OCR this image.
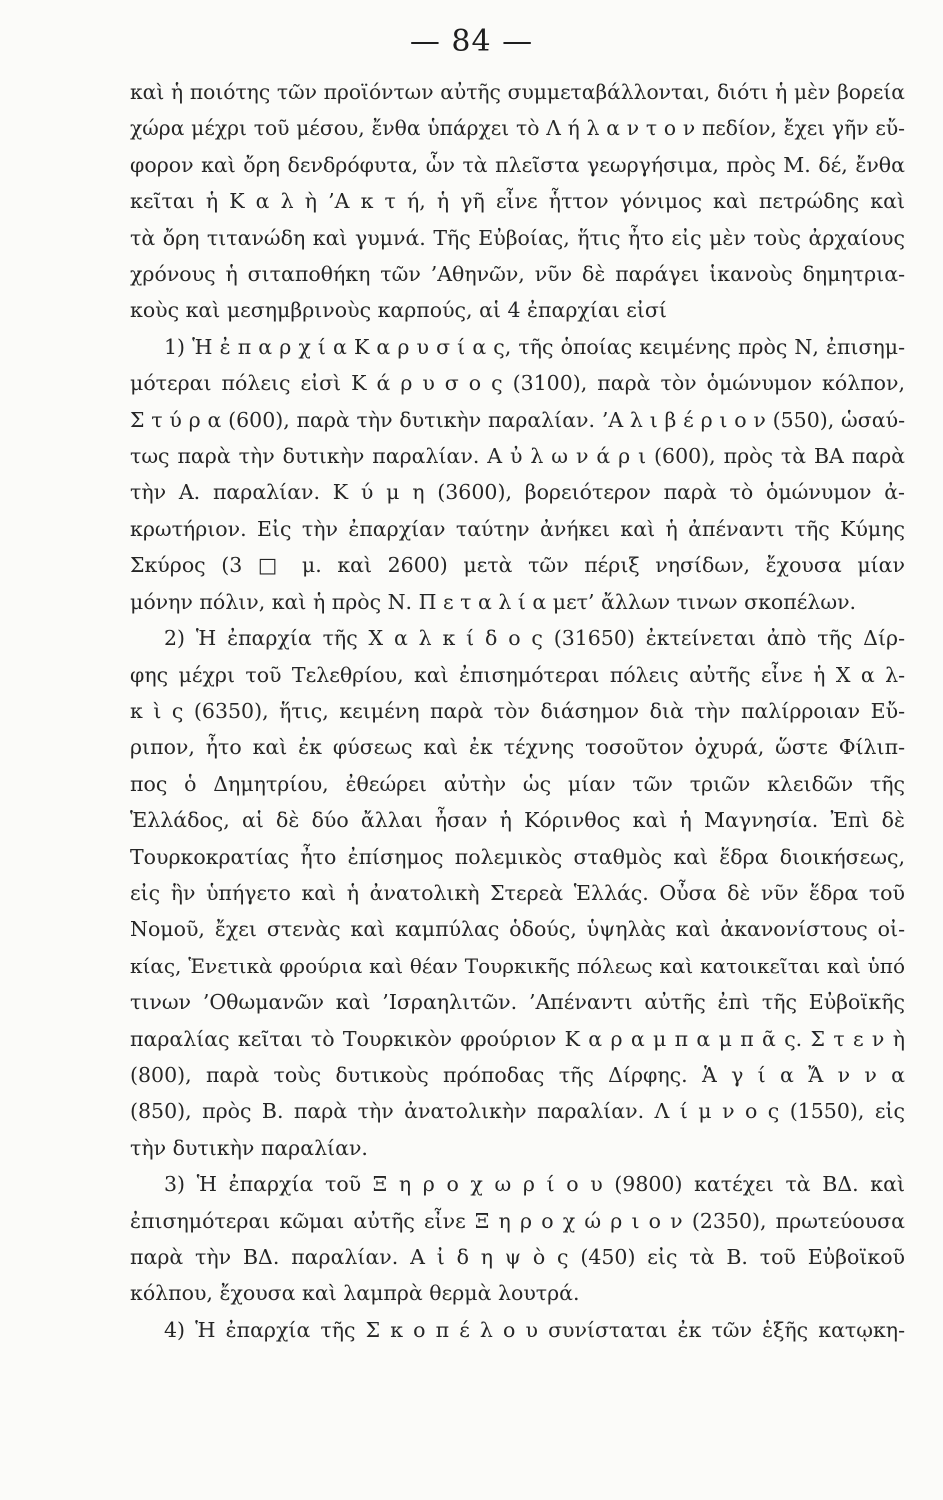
— 84 —
καὶ ἡ ποιότης τῶν προϊόντων αὐτῆς συμμεταβάλλονται, διότι ἡ μὲν βορεία
χώρα μέχρι τοῦ μέσου, ἔνθα ὑπάρχει τὸ Λ ή λ α ν τ ο ν πεδίον, ἔχει γῆν εὔ-
φορον καὶ ὄρη δενδρόφυτα, ὧν τὰ πλεῖστα γεωργήσιμα, πρὸς Μ. δέ, ἔνθα
κεῖται ἡ Κ α λ ὴ ’Α κ τ ή, ἡ γῆ εἶνε ἧττον γόνιμος καὶ πετρώδης καὶ
τὰ ὄρη τιτανώδη καὶ γυμνά. Τῆς Εὐβοίας, ἥτις ἦτο εἰς μὲν τοὺς ἀρχαίους
χρόνους ἡ σιταποθήκη τῶν ’Αθηνῶν, νῦν δὲ παράγει ἱκανοὺς δημητρια-
κοὺς καὶ μεσημβρινοὺς καρπούς, αἱ 4 ἐπαρχίαι εἰσί
1) Ἡ ἐ π α ρ χ ί α Κ α ρ υ σ ί α ς, τῆς ὁποίας κειμένης πρὸς Ν, ἐπισημ-
μότεραι πόλεις εἰσὶ Κ ά ρ υ σ ο ς (3100), παρὰ τὸν ὁμώνυμον κόλπον,
Σ τ ύ ρ α (600), παρὰ τὴν δυτικὴν παραλίαν. ’Α λ ι β έ ρ ι ο ν (550), ὡσαύ-
τως παρὰ τὴν δυτικὴν παραλίαν. Α ὐ λ ω ν ά ρ ι (600), πρὸς τὰ ΒΑ παρὰ
τὴν Α. παραλίαν. Κ ύ μ η (3600), βορειότερον παρὰ τὸ ὁμώνυμον ἀ-
κρωτήριον. Εἰς τὴν ἐπαρχίαν ταύτην ἀνήκει καὶ ἡ ἀπέναντι τῆς Κύμης
Σκύρος (3 □ μ. καὶ 2600) μετὰ τῶν πέριξ νησίδων, ἔχουσα μίαν
μόνην πόλιν, καὶ ἡ πρὸς Ν. Π ε τ α λ ί α μετ’ ἄλλων τινων σκοπέλων.
2) Ἡ ἐπαρχία τῆς Χ α λ κ ί δ ο ς (31650) ἐκτείνεται ἀπὸ τῆς Δίρ-
φης μέχρι τοῦ Τελεθρίου, καὶ ἐπισημότεραι πόλεις αὐτῆς εἶνε ἡ Χ α λ-
κ ὶ ς (6350), ἥτις, κειμένη παρὰ τὸν διάσημον διὰ τὴν παλίρροιαν Εὔ-
ριπον, ἦτο καὶ ἐκ φύσεως καὶ ἐκ τέχνης τοσοῦτον ὀχυρά, ὥστε Φίλιπ-
πος ὁ Δημητρίου, ἐθεώρει αὐτὴν ὡς μίαν τῶν τριῶν κλειδῶν τῆς
Ἑλλάδος, αἱ δὲ δύο ἄλλαι ἦσαν ἡ Κόρινθος καὶ ἡ Μαγνησία. Ἐπὶ δὲ
Τουρκοκρατίας ἦτο ἐπίσημος πολεμικὸς σταθμὸς καὶ ἕδρα διοικήσεως,
εἰς ἣν ὑπήγετο καὶ ἡ ἀνατολικὴ Στερεὰ Ἑλλάς. Οὖσα δὲ νῦν ἕδρα τοῦ
Νομοῦ, ἔχει στενὰς καὶ καμπύλας ὁδούς, ὑψηλὰς καὶ ἀκανονίστους οἰ-
κίας, Ἑνετικὰ φρούρια καὶ θέαν Τουρκικῆς πόλεως καὶ κατοικεῖται καὶ ὑπό
τινων ’Οθωμανῶν καὶ ’Ισραηλιτῶν. ’Απέναντι αὐτῆς ἐπὶ τῆς Εὐβοϊκῆς
παραλίας κεῖται τὸ Τουρκικὸν φρούριον Κ α ρ α μ π α μ π ᾶ ς. Σ τ ε ν ὴ
(800), παρὰ τοὺς δυτικοὺς πρόποδας τῆς Δίρφης. Ἁ γ ί α Ἄ ν ν α
(850), πρὸς Β. παρὰ τὴν ἀνατολικὴν παραλίαν. Λ ί μ ν ο ς (1550), εἰς
τὴν δυτικὴν παραλίαν.
3) Ἡ ἐπαρχία τοῦ Ξ η ρ ο χ ω ρ ί ο υ (9800) κατέχει τὰ ΒΔ. καὶ
ἐπισημότεραι κῶμαι αὐτῆς εἶνε Ξ η ρ ο χ ώ ρ ι ο ν (2350), πρωτεύουσα
παρὰ τὴν ΒΔ. παραλίαν. Α ἰ δ η ψ ὸ ς (450) εἰς τὰ Β. τοῦ Εὐβοϊκοῦ
κόλπου, ἔχουσα καὶ λαμπρὰ θερμὰ λουτρά.
4) Ἡ ἐπαρχία τῆς Σ κ ο π έ λ ο υ συνίσταται ἐκ τῶν ἑξῆς κατῳκη-
